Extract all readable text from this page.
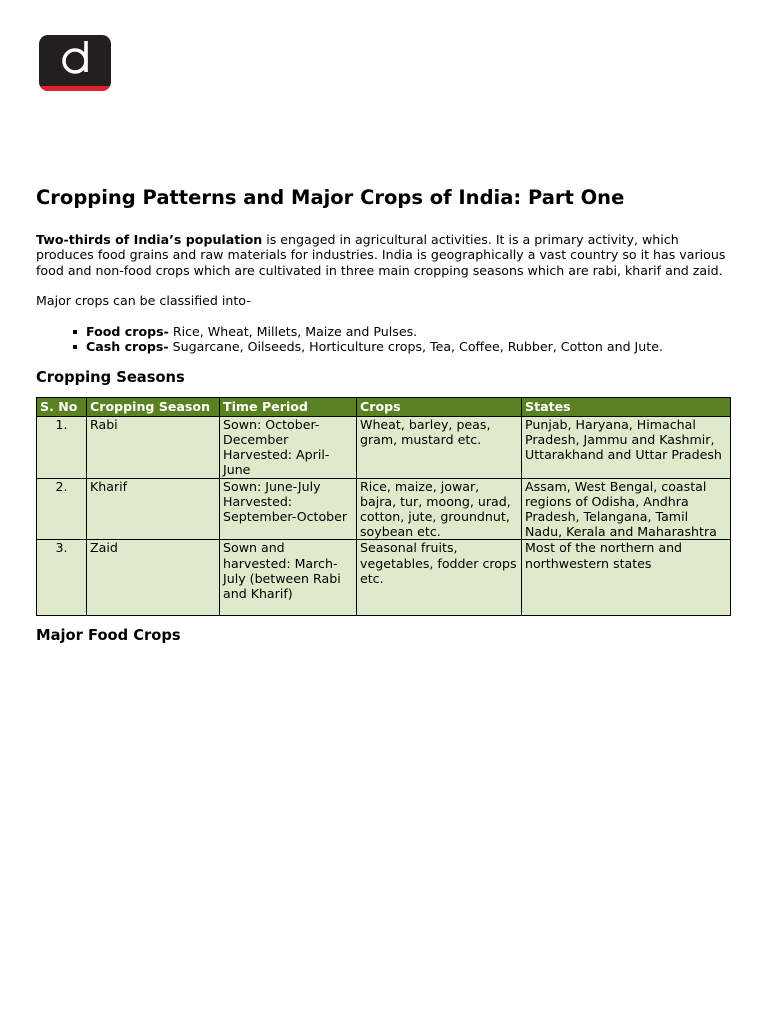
Cropping Patterns and Major Crops of India: Part One

Two-thirds of India’s population is engaged in agricultural activities. It is a primary activity, which produces food grains and raw materials for industries. India is geographically a vast country so it has various food and non-food crops which are cultivated in three main cropping seasons which are rabi, kharif and zaid.

Major crops can be classified into-

Food crops- Rice, Wheat, Millets, Maize and Pulses.
Cash crops- Sugarcane, Oilseeds, Horticulture crops, Tea, Coffee, Rubber, Cotton and Jute.
Cropping Seasons
S. No	Cropping Season	Time Period	Crops	States
1.	Rabi	Sown: October-December Harvested: April-June	Wheat, barley, peas, gram, mustard etc.	Punjab, Haryana, Himachal Pradesh, Jammu and Kashmir, Uttarakhand and Uttar Pradesh
2.	Kharif	Sown: June-July Harvested: September-October	Rice, maize, jowar, bajra, tur, moong, urad, cotton, jute, groundnut, soybean etc.	Assam, West Bengal, coastal regions of Odisha, Andhra Pradesh, Telangana, Tamil Nadu, Kerala and Maharashtra
3.	Zaid	Sown and harvested: March-July (between Rabi and Kharif)	Seasonal fruits, vegetables, fodder crops etc.	Most of the northern and northwestern states
Major Food Crops
